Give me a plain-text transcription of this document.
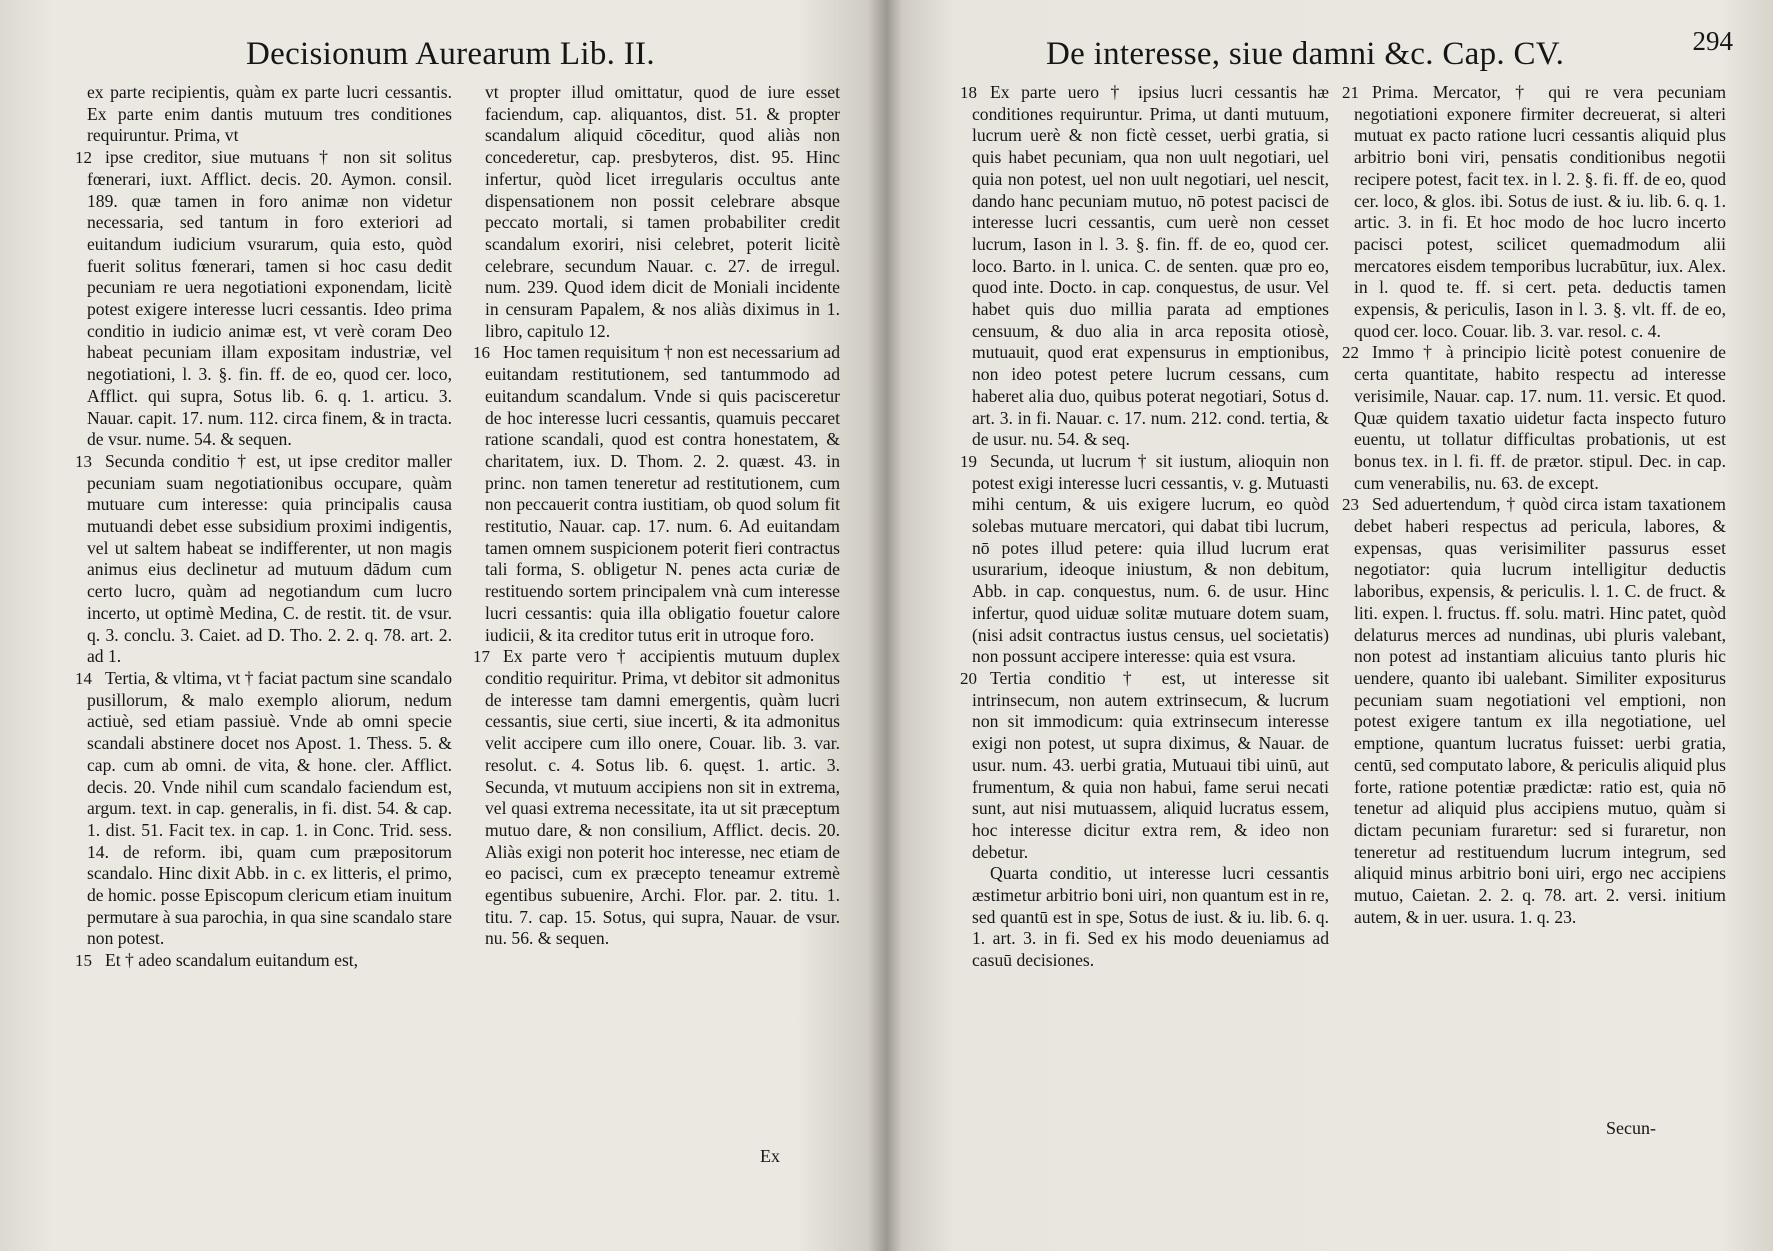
Decisionum Aurearum Lib. II.

ex parte recipientis, quàm ex parte lucri cessantis. Ex parte enim dantis mutuum tres conditiones requiruntur. Prima, vt

12 ipse creditor, siue mutuans † non sit solitus fœnerari, iuxt. Afflict. decis. 20. Aymon. consil. 189. quæ tamen in foro animæ non videtur necessaria, sed tantum in foro exteriori ad euitandum iudicium vsurarum, quia esto, quòd fuerit solitus fœnerari, tamen si hoc casu dedit pecuniam re uera negotiationi exponendam, licitè potest exigere interesse lucri cessantis. Ideo prima conditio in iudicio animæ est, vt verè coram Deo habeat pecuniam illam expositam industriæ, vel negotiationi, l. 3. §. fin. ff. de eo, quod cer. loco, Afflict. qui supra, Sotus lib. 6. q. 1. articu. 3. Nauar. capit. 17. num. 112. circa finem, & in tracta. de vsur. nume. 54. & sequen.

13 Secunda conditio † est, ut ipse creditor maller pecuniam suam negotiationibus occupare, quàm mutuare cum interesse: quia principalis causa mutuandi debet esse subsidium proximi indigentis, vel ut saltem habeat se indifferenter, ut non magis animus eius declinetur ad mutuum dādum cum certo lucro, quàm ad negotiandum cum lucro incerto, ut optimè Medina, C. de restit. tit. de vsur. q. 3. conclu. 3. Caiet. ad D. Tho. 2. 2. q. 78. art. 2. ad 1.

14 Tertia, & vltima, vt † faciat pactum sine scandalo pusillorum, & malo exemplo aliorum, nedum actiuè, sed etiam passiuè. Vnde ab omni specie scandali abstinere docet nos Apost. 1. Thess. 5. & cap. cum ab omni. de vita, & hone. cler. Afflict. decis. 20. Vnde nihil cum scandalo faciendum est, argum. text. in cap. generalis, in fi. dist. 54. & cap. 1. dist. 51. Facit tex. in cap. 1. in Conc. Trid. sess. 14. de reform. ibi, quam cum præpositorum scandalo. Hinc dixit Abb. in c. ex litteris, el primo, de homic. posse Episcopum clericum etiam inuitum permutare à sua parochia, in qua sine scandalo stare non potest.

15 Et † adeo scandalum euitandum est,

vt propter illud omittatur, quod de iure esset faciendum, cap. aliquantos, dist. 51. & propter scandalum aliquid cōceditur, quod aliàs non concederetur, cap. presbyteros, dist. 95. Hinc infertur, quòd licet irregularis occultus ante dispensationem non possit celebrare absque peccato mortali, si tamen probabiliter credit scandalum exoriri, nisi celebret, poterit licitè celebrare, secundum Nauar. c. 27. de irregul. num. 239. Quod idem dicit de Moniali incidente in censuram Papalem, & nos aliàs diximus in 1. libro, capitulo 12.

16 Hoc tamen requisitum † non est necessarium ad euitandam restitutionem, sed tantummodo ad euitandum scandalum. Vnde si quis pacisceretur de hoc interesse lucri cessantis, quamuis peccaret ratione scandali, quod est contra honestatem, & charitatem, iux. D. Thom. 2. 2. quæst. 43. in princ. non tamen teneretur ad restitutionem, cum non peccauerit contra iustitiam, ob quod solum fit restitutio, Nauar. cap. 17. num. 6. Ad euitandam tamen omnem suspicionem poterit fieri contractus tali forma, S. obligetur N. penes acta curiæ de restituendo sortem principalem vnà cum interesse lucri cessantis: quia illa obligatio fouetur calore iudicii, & ita creditor tutus erit in utroque foro.

17 Ex parte vero † accipientis mutuum duplex conditio requiritur. Prima, vt debitor sit admonitus de interesse tam damni emergentis, quàm lucri cessantis, siue certi, siue incerti, & ita admonitus velit accipere cum illo onere, Couar. lib. 3. var. resolut. c. 4. Sotus lib. 6. quęst. 1. artic. 3. Secunda, vt mutuum accipiens non sit in extrema, vel quasi extrema necessitate, ita ut sit præceptum mutuo dare, & non consilium, Afflict. decis. 20. Aliàs exigi non poterit hoc interesse, nec etiam de eo pacisci, cum ex præcepto teneamur extremè egentibus subuenire, Archi. Flor. par. 2. titu. 1. titu. 7. cap. 15. Sotus, qui supra, Nauar. de vsur. nu. 56. & sequen.

Ex
De interesse, siue damni &c. Cap. CV.	294

18 Ex parte uero † ipsius lucri cessantis hæ conditiones requiruntur. Prima, ut danti mutuum, lucrum uerè & non fictè cesset, uerbi gratia, si quis habet pecuniam, qua non uult negotiari, uel quia non potest, uel non uult negotiari, uel nescit, dando hanc pecuniam mutuo, nō potest pacisci de interesse lucri cessantis, cum uerè non cesset lucrum, Iason in l. 3. §. fin. ff. de eo, quod cer. loco. Barto. in l. unica. C. de senten. quæ pro eo, quod inte. Docto. in cap. conquestus, de usur. Vel habet quis duo millia parata ad emptiones censuum, & duo alia in arca reposita otiosè, mutuauit, quod erat expensurus in emptionibus, non ideo potest petere lucrum cessans, cum haberet alia duo, quibus poterat negotiari, Sotus d. art. 3. in fi. Nauar. c. 17. num. 212. cond. tertia, & de usur. nu. 54. & seq.

19 Secunda, ut lucrum † sit iustum, alioquin non potest exigi interesse lucri cessantis, v. g. Mutuasti mihi centum, & uis exigere lucrum, eo quòd solebas mutuare mercatori, qui dabat tibi lucrum, nō potes illud petere: quia illud lucrum erat usurarium, ideoque iniustum, & non debitum, Abb. in cap. conquestus, num. 6. de usur. Hinc infertur, quod uiduæ solitæ mutuare dotem suam, (nisi adsit contractus iustus census, uel societatis) non possunt accipere interesse: quia est vsura.

20 Tertia conditio † est, ut interesse sit intrinsecum, non autem extrinsecum, & lucrum non sit immodicum: quia extrinsecum interesse exigi non potest, ut supra diximus, & Nauar. de usur. num. 43. uerbi gratia, Mutuaui tibi uinū, aut frumentum, & quia non habui, fame serui necati sunt, aut nisi mutuassem, aliquid lucratus essem, hoc interesse dicitur extra rem, & ideo non debetur.

Quarta conditio, ut interesse lucri cessantis æstimetur arbitrio boni uiri, non quantum est in re, sed quantū est in spe, Sotus de iust. & iu. lib. 6. q. 1. art. 3. in fi. Sed ex his modo deueniamus ad casuū decisiones.

21 Prima. Mercator, † qui re vera pecuniam negotiationi exponere firmiter decreuerat, si alteri mutuat ex pacto ratione lucri cessantis aliquid plus arbitrio boni viri, pensatis conditionibus negotii recipere potest, facit tex. in l. 2. §. fi. ff. de eo, quod cer. loco, & glos. ibi. Sotus de iust. & iu. lib. 6. q. 1. artic. 3. in fi. Et hoc modo de hoc lucro incerto pacisci potest, scilicet quemadmodum alii mercatores eisdem temporibus lucrabūtur, iux. Alex. in l. quod te. ff. si cert. peta. deductis tamen expensis, & periculis, Iason in l. 3. §. vlt. ff. de eo, quod cer. loco. Couar. lib. 3. var. resol. c. 4.

22 Immo † à principio licitè potest conuenire de certa quantitate, habito respectu ad interesse verisimile, Nauar. cap. 17. num. 11. versic. Et quod. Quæ quidem taxatio uidetur facta inspecto futuro euentu, ut tollatur difficultas probationis, ut est bonus tex. in l. fi. ff. de prætor. stipul. Dec. in cap. cum venerabilis, nu. 63. de except.

23 Sed aduertendum, † quòd circa istam taxationem debet haberi respectus ad pericula, labores, & expensas, quas verisimiliter passurus esset negotiator: quia lucrum intelligitur deductis laboribus, expensis, & periculis. l. 1. C. de fruct. & liti. expen. l. fructus. ff. solu. matri. Hinc patet, quòd delaturus merces ad nundinas, ubi pluris valebant, non potest ad instantiam alicuius tanto pluris hic uendere, quanto ibi ualebant. Similiter expositurus pecuniam suam negotiationi vel emptioni, non potest exigere tantum ex illa negotiatione, uel emptione, quantum lucratus fuisset: uerbi gratia, centū, sed computato labore, & periculis aliquid plus forte, ratione potentiæ prædictæ: ratio est, quia nō tenetur ad aliquid plus accipiens mutuo, quàm si dictam pecuniam furaretur: sed si furaretur, non teneretur ad restituendum lucrum integrum, sed aliquid minus arbitrio boni uiri, ergo nec accipiens mutuo, Caietan. 2. 2. q. 78. art. 2. versi. initium autem, & in uer. usura. 1. q. 23.

Secun-
